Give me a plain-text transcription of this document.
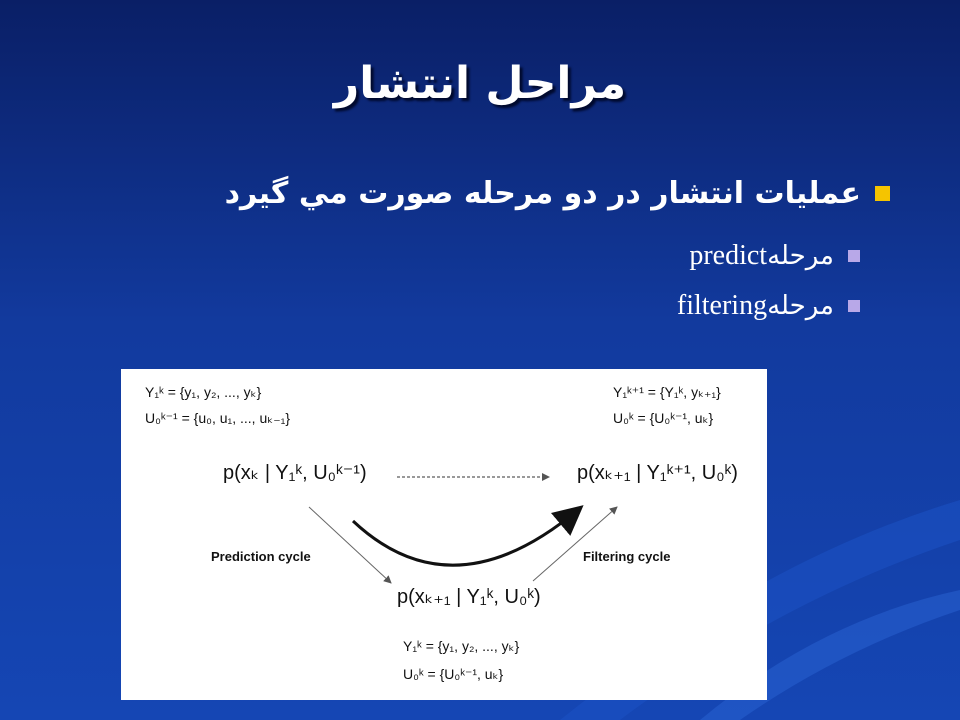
مراحل انتشار
عمليات انتشار در دو مرحله صورت مي گيرد
مرحله
predict
مرحله
filtering
Y₁ᵏ = {y₁, y₂, ..., yₖ}
U₀ᵏ⁻¹ = {u₀, u₁, ..., uₖ₋₁}
Y₁ᵏ⁺¹ = {Y₁ᵏ, yₖ₊₁}
U₀ᵏ = {U₀ᵏ⁻¹, uₖ}
p(xₖ | Y₁ᵏ, U₀ᵏ⁻¹)	p(xₖ₊₁ | Y₁ᵏ⁺¹, U₀ᵏ)
Prediction cycle	Filtering cycle
p(xₖ₊₁ | Y₁ᵏ, U₀ᵏ)
Y₁ᵏ = {y₁, y₂, ..., yₖ}
U₀ᵏ = {U₀ᵏ⁻¹, uₖ}
